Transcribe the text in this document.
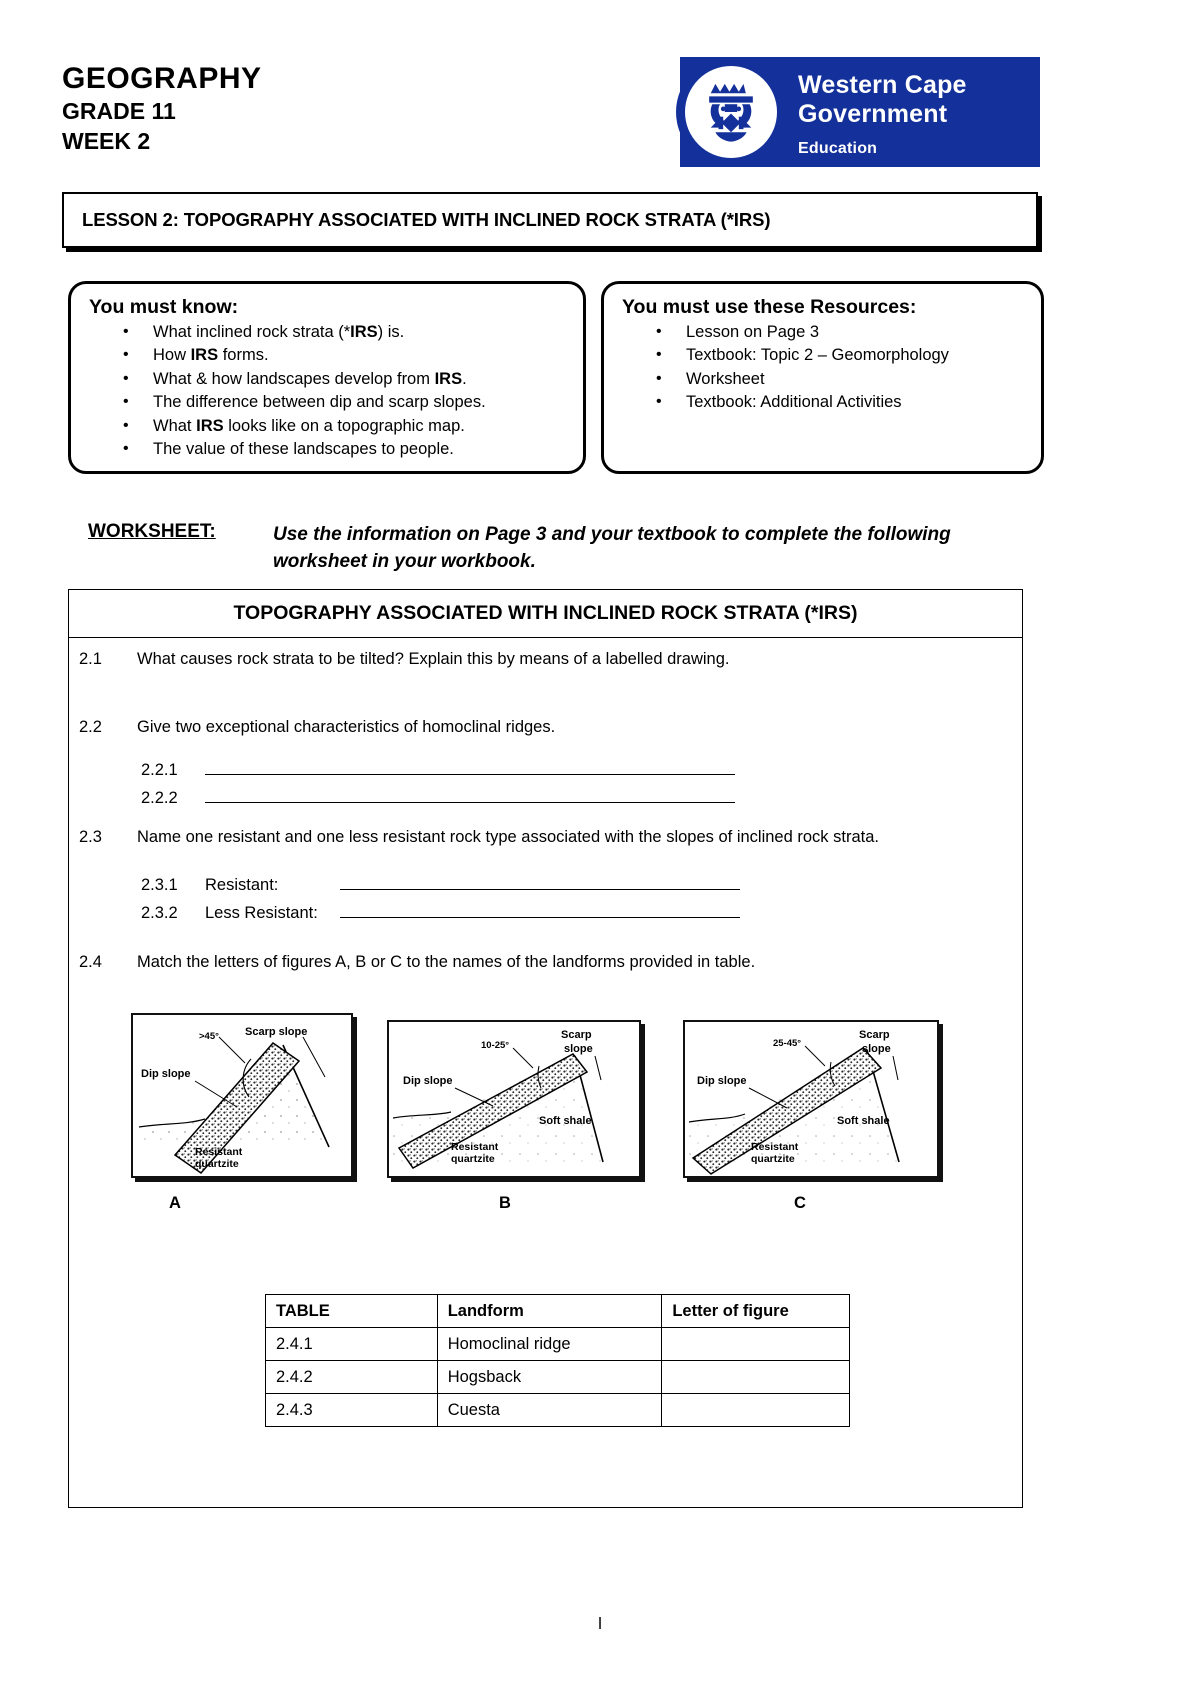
GEOGRAPHY
GRADE 11
WEEK 2
Western Cape
Government
Education
LESSON 2: TOPOGRAPHY ASSOCIATED WITH INCLINED ROCK STRATA (*IRS)
You must know:
• What inclined rock strata (*IRS) is.
• How IRS forms.
• What & how landscapes develop from IRS.
• The difference between dip and scarp slopes.
• What IRS looks like on a topographic map.
• The value of these landscapes to people.
You must use these Resources:
• Lesson on Page 3
• Textbook: Topic 2 – Geomorphology
• Worksheet
• Textbook: Additional Activities
WORKSHEET:	Use the information on Page 3 and your textbook to complete the following worksheet in your workbook.
TOPOGRAPHY ASSOCIATED WITH INCLINED ROCK STRATA (*IRS)
2.1	What causes rock strata to be tilted? Explain this by means of a labelled drawing.
2.2	Give two exceptional characteristics of homoclinal ridges.
2.2.1
2.2.2
2.3	Name one resistant and one less resistant rock type associated with the slopes of inclined rock strata.
2.3.1	Resistant:
2.3.2	Less Resistant:
2.4	Match the letters of figures A, B or C to the names of the landforms provided in table.
>45° Scarp slope
Dip slope
Resistant
quartzite
A
10-25°
Scarp
slope
Dip slope
Soft shale
Resistant
quartzite
B
25-45°
Scarp
slope
Dip slope
Soft shale
Resistant
quartzite
C
TABLE	Landform	Letter of figure
2.4.1	Homoclinal ridge	
2.4.2	Hogsback	
2.4.3	Cuesta	
l
